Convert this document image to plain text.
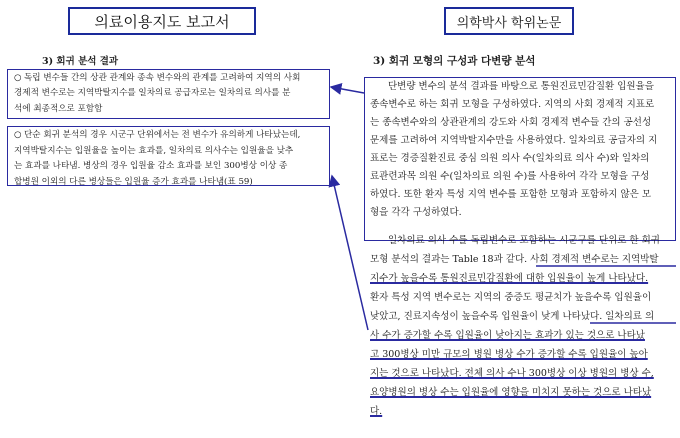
의료이용지도 보고서	의학박사 학위논문
3) 회귀 분석 결과	3) 회귀 모형의 구성과 다변량 분석
○ 독립 변수들 간의 상관 관계와 종속 변수와의 관계를 고려하여 지역의 사회
경제적 변수로는 지역박탈지수를 일차의료 공급자로는 일차의료 의사를 분
석에 최종적으로 포함함
○ 단순 회귀 분석의 경우 시군구 단위에서는 전 변수가 유의하게 나타났는데,
지역박탈지수는 입원율을 높이는 효과를, 일차의료 의사수는 입원율을 낮추
는 효과를 나타냄. 병상의 경우 입원율 감소 효과를 보인 300병상 이상 종
합병원 이외의 다른 병상들은 입원율 증가 효과를 나타냄(표 59)
단변량 변수의 분석 결과를 바탕으로 통원진료민감질환 입원율을
종속변수로 하는 회귀 모형을 구성하였다. 지역의 사회 경제적 지표로
는 종속변수와의 상관관계의 강도와 사회 경제적 변수들 간의 공선성
문제를 고려하여 지역박탈지수만을 사용하였다. 일차의료 공급자의 지
표로는 경증질환진료 중심 의원 의사 수(일차의료 의사 수)와 일차의
료관련과목 의원 수(일차의료 의원 수)를 사용하여 각각 모형을 구성
하였다. 또한 환자 특성 지역 변수를 포함한 모형과 포함하지 않은 모
형을 각각 구성하였다.
일차의료 의사 수를 독립변수로 포함하는 시군구를 단위로 한 회귀
모형 분석의 결과는 Table 18과 같다. 사회 경제적 변수로는 지역박탈
지수가 높을수록 통원진료민감질환에 대한 입원율이 높게 나타났다.
환자 특성 지역 변수로는 지역의 중증도 평균치가 높을수록 입원율이
낮았고, 진료지속성이 높을수록 입원율이 낮게 나타났다. 일차의료 의
사 수가 증가할 수록 입원율이 낮아지는 효과가 있는 것으로 나타났
고 300병상 미만 규모의 병원 병상 수가 증가할 수록 입원율이 높아
지는 것으로 나타났다. 전체 의사 수나 300병상 이상 병원의 병상 수,
요양병원의 병상 수는 입원율에 영향을 미치지 못하는 것으로 나타났
다.
